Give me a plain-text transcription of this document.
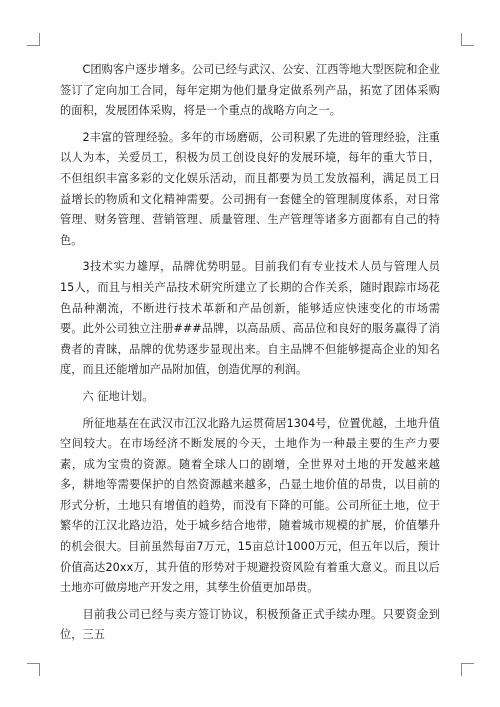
C团购客户逐步增多。公司已经与武汉、公安、江西等地大型医院和企业签订了定向加工合同，每年定期为他们量身定做系列产品，拓宽了团体采购的面积，发展团体采购，将是一个重点的战略方向之一。

2丰富的管理经验。多年的市场磨砺，公司积累了先进的管理经验，注重以人为本，关爱员工，积极为员工创设良好的发展环境，每年的重大节日，不但组织丰富多彩的文化娱乐活动，而且都要为员工发放福利，满足员工日益增长的物质和文化精神需要。公司拥有一套健全的管理制度体系，对日常管理、财务管理、营销管理、质量管理、生产管理等诸多方面都有自己的特色。

3技术实力雄厚，品牌优势明显。目前我们有专业技术人员与管理人员15人，而且与相关产品技术研究所建立了长期的合作关系，随时跟踪市场花色品种潮流，不断进行技术革新和产品创新，能够适应快速变化的市场需要。此外公司独立注册###品牌，以高品质、高品位和良好的服务赢得了消费者的青睐，品牌的优势逐步显现出来。自主品牌不但能够提高企业的知名度，而且还能增加产品附加值，创造优厚的利润。

六 征地计划。

所征地基在在武汉市江汉北路九运贯荷居1304号，位置优越，土地升值空间较大。在市场经济不断发展的今天，土地作为一种最主要的生产力要素，成为宝贵的资源。随着全球人口的剧增，全世界对土地的开发越来越多，耕地等需要保护的自然资源越来越多，凸显土地价值的昂贵，以目前的形式分析，土地只有增值的趋势，而没有下降的可能。公司所征土地，位于繁华的江汉北路边沿，处于城乡结合地带，随着城市规模的扩展，价值攀升的机会很大。目前虽然每亩7万元，15亩总计1000万元，但五年以后，预计价值高达20xx万，其升值的形势对于规避投资风险有着重大意义。而且以后土地亦可做房地产开发之用，其孳生价值更加昂贵。

目前我公司已经与卖方签订协议，积极预备正式手续办理。只要资金到位，三五
